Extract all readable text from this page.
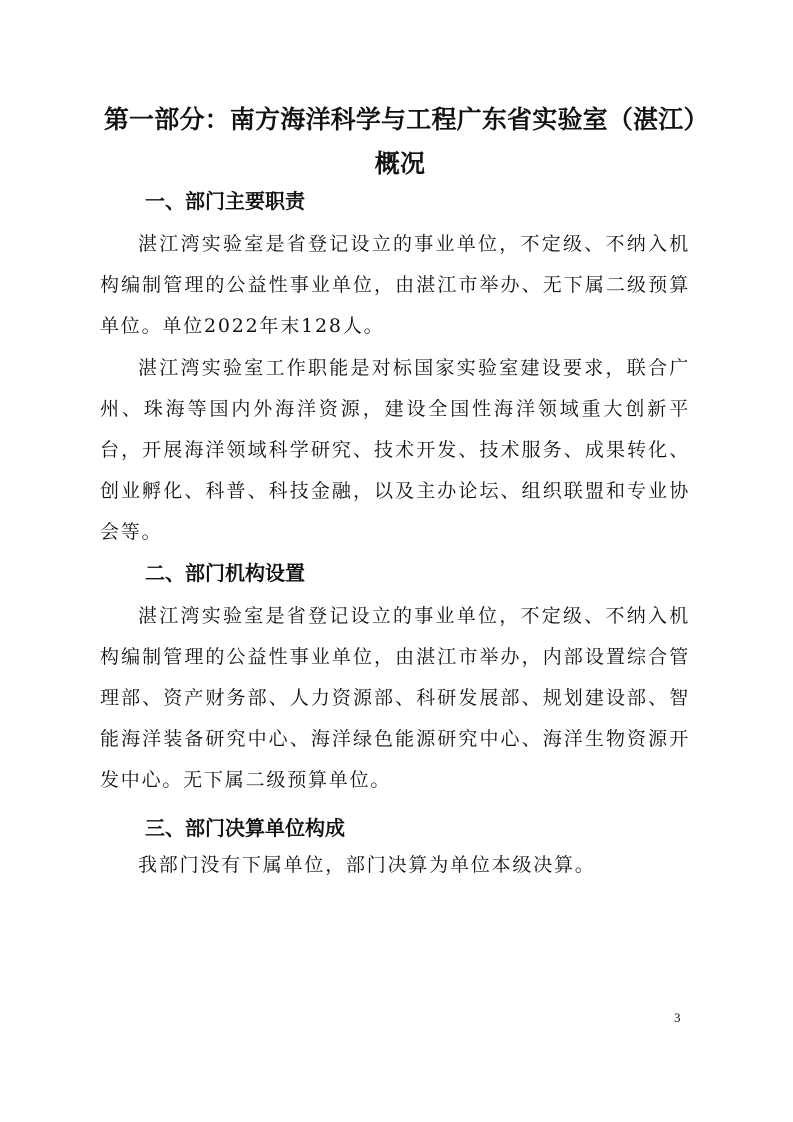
第一部分：南方海洋科学与工程广东省实验室（湛江）概况
一、部门主要职责

湛江湾实验室是省登记设立的事业单位，不定级、不纳入机构编制管理的公益性事业单位，由湛江市举办、无下属二级预算单位。单位2022年末128人。

湛江湾实验室工作职能是对标国家实验室建设要求，联合广州、珠海等国内外海洋资源，建设全国性海洋领域重大创新平台，开展海洋领域科学研究、技术开发、技术服务、成果转化、创业孵化、科普、科技金融，以及主办论坛、组织联盟和专业协会等。

二、部门机构设置

湛江湾实验室是省登记设立的事业单位，不定级、不纳入机构编制管理的公益性事业单位，由湛江市举办，内部设置综合管理部、资产财务部、人力资源部、科研发展部、规划建设部、智能海洋装备研究中心、海洋绿色能源研究中心、海洋生物资源开发中心。无下属二级预算单位。

三、部门决算单位构成

我部门没有下属单位，部门决算为单位本级决算。

3
